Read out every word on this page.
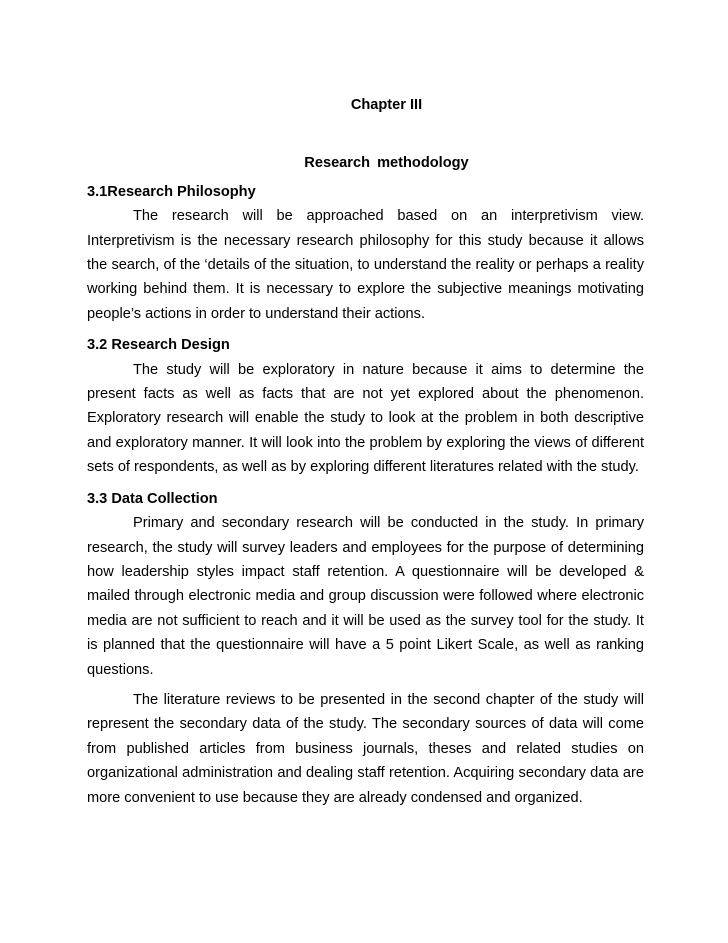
Chapter III
Research methodology
3.1Research Philosophy

The research will be approached based on an interpretivism view. Interpretivism is the necessary research philosophy for this study because it allows the search, of the ‘details of the situation, to understand the reality or perhaps a reality working behind them. It is necessary to explore the subjective meanings motivating people’s actions in order to understand their actions.

3.2 Research Design

The study will be exploratory in nature because it aims to determine the present facts as well as facts that are not yet explored about the phenomenon. Exploratory research will enable the study to look at the problem in both descriptive and exploratory manner. It will look into the problem by exploring the views of different sets of respondents, as well as by exploring different literatures related with the study.

3.3 Data Collection

Primary and secondary research will be conducted in the study. In primary research, the study will survey leaders and employees for the purpose of determining how leadership styles impact staff retention. A questionnaire will be developed & mailed through electronic media and group discussion were followed where electronic media are not sufficient to reach and it will be used as the survey tool for the study. It is planned that the questionnaire will have a 5 point Likert Scale, as well as ranking questions.

The literature reviews to be presented in the second chapter of the study will represent the secondary data of the study. The secondary sources of data will come from published articles from business journals, theses and related studies on organizational administration and dealing staff retention. Acquiring secondary data are more convenient to use because they are already condensed and organized.
